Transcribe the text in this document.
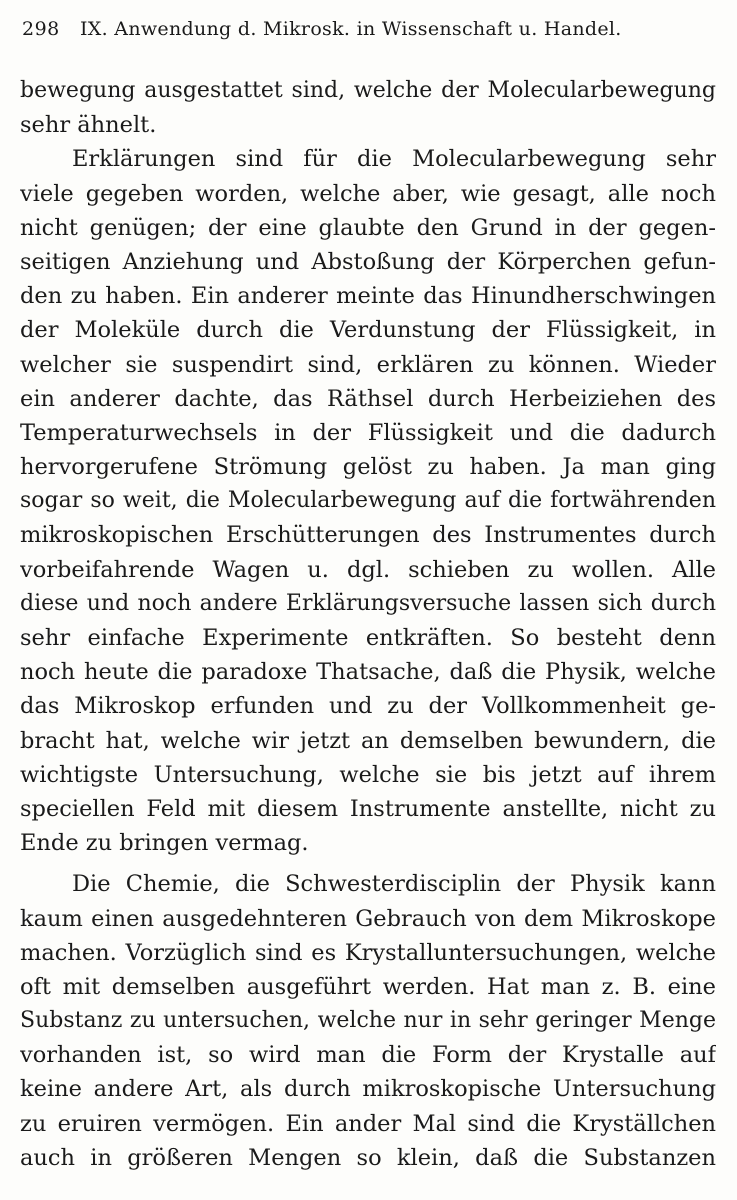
298 IX. Anwendung d. Mikrosk. in Wissenschaft u. Handel.
bewegung ausgestattet sind, welche der Molecularbewegung
sehr ähnelt.
Erklärungen sind für die Molecularbewegung sehr
viele gegeben worden, welche aber, wie gesagt, alle noch
nicht genügen; der eine glaubte den Grund in der gegen-
seitigen Anziehung und Abstoßung der Körperchen gefun-
den zu haben. Ein anderer meinte das Hinundherschwingen
der Moleküle durch die Verdunstung der Flüssigkeit, in
welcher sie suspendirt sind, erklären zu können. Wieder
ein anderer dachte, das Räthsel durch Herbeiziehen des
Temperaturwechsels in der Flüssigkeit und die dadurch
hervorgerufene Strömung gelöst zu haben. Ja man ging
sogar so weit, die Molecularbewegung auf die fortwährenden
mikroskopischen Erschütterungen des Instrumentes durch
vorbeifahrende Wagen u. dgl. schieben zu wollen. Alle
diese und noch andere Erklärungsversuche lassen sich durch
sehr einfache Experimente entkräften. So besteht denn
noch heute die paradoxe Thatsache, daß die Physik, welche
das Mikroskop erfunden und zu der Vollkommenheit ge-
bracht hat, welche wir jetzt an demselben bewundern, die
wichtigste Untersuchung, welche sie bis jetzt auf ihrem
speciellen Feld mit diesem Instrumente anstellte, nicht zu
Ende zu bringen vermag.
Die Chemie, die Schwesterdisciplin der Physik kann
kaum einen ausgedehnteren Gebrauch von dem Mikroskope
machen. Vorzüglich sind es Krystalluntersuchungen, welche
oft mit demselben ausgeführt werden. Hat man z. B. eine
Substanz zu untersuchen, welche nur in sehr geringer Menge
vorhanden ist, so wird man die Form der Krystalle auf
keine andere Art, als durch mikroskopische Untersuchung
zu eruiren vermögen. Ein ander Mal sind die Kryställchen
auch in größeren Mengen so klein, daß die Substanzen
